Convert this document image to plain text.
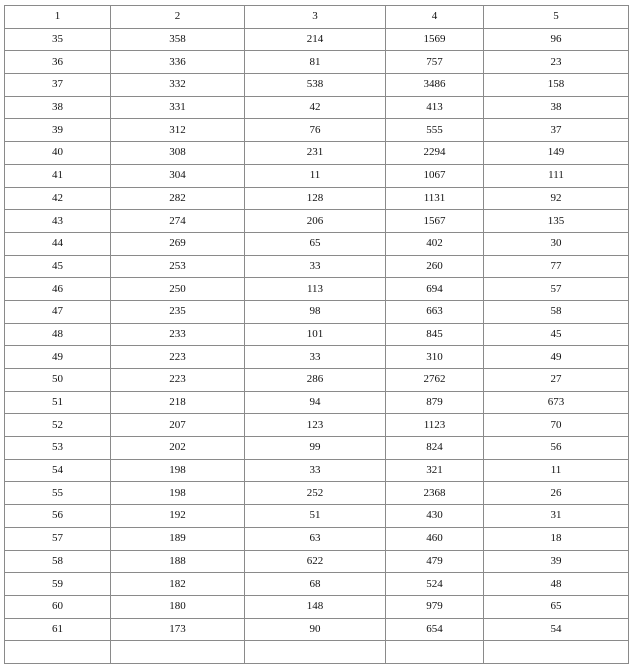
1	2	3	4	5
35	358	214	1569	96
36	336	81	757	23
37	332	538	3486	158
38	331	42	413	38
39	312	76	555	37
40	308	231	2294	149
41	304	11	1067	111
42	282	128	1131	92
43	274	206	1567	135
44	269	65	402	30
45	253	33	260	77
46	250	113	694	57
47	235	98	663	58
48	233	101	845	45
49	223	33	310	49
50	223	286	2762	27
51	218	94	879	673
52	207	123	1123	70
53	202	99	824	56
54	198	33	321	11
55	198	252	2368	26
56	192	51	430	31
57	189	63	460	18
58	188	622	479	39
59	182	68	524	48
60	180	148	979	65
61	173	90	654	54
